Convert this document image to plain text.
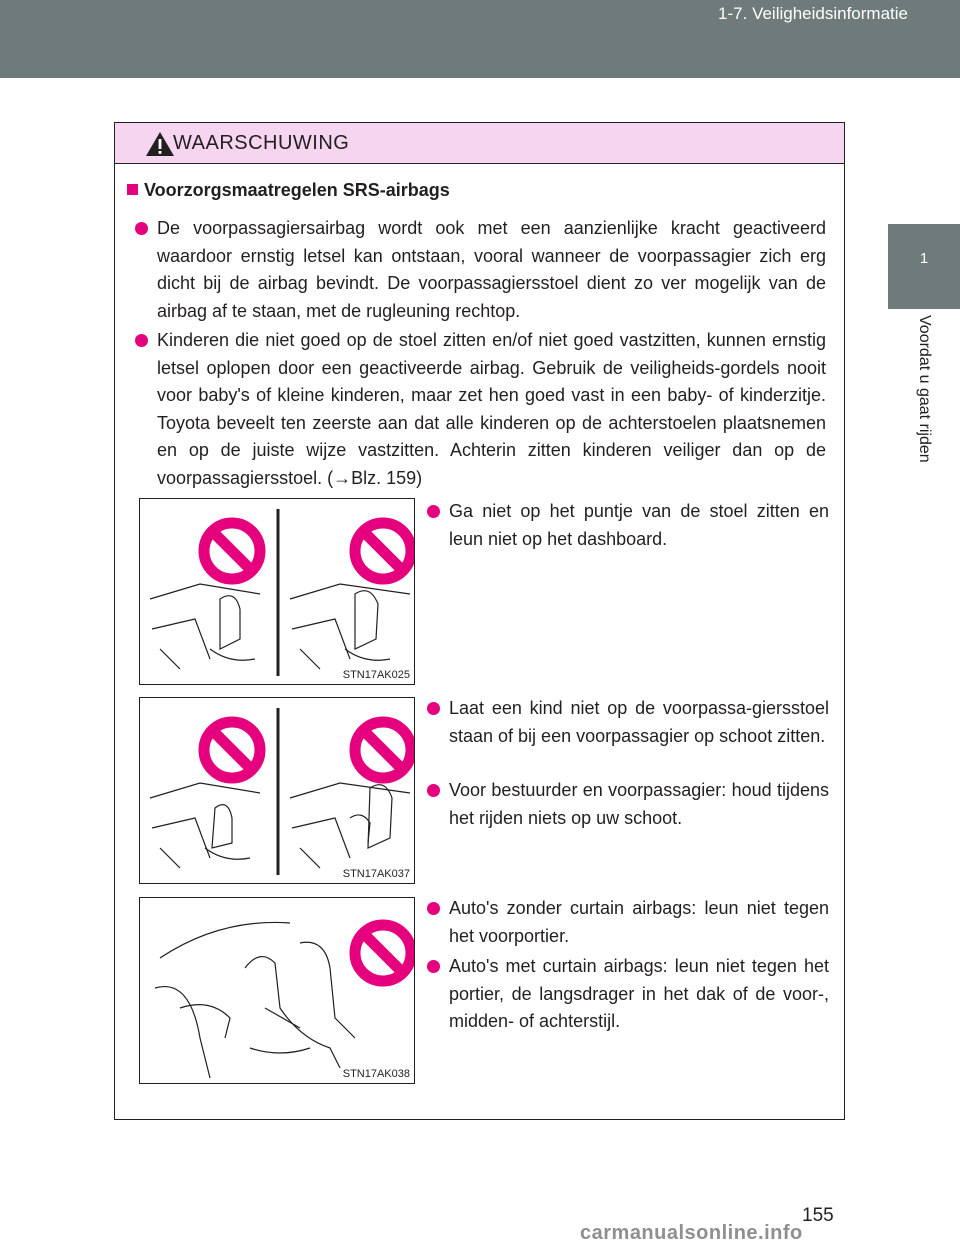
1-7. Veiligheidsinformatie
1
Voordat u gaat rijden
WAARSCHUWING
Voorzorgsmaatregelen SRS-airbags
De voorpassagiersairbag wordt ook met een aanzienlijke kracht geactiveerd waardoor ernstig letsel kan ontstaan, vooral wanneer de voorpassagier zich erg dicht bij de airbag bevindt. De voorpassagiersstoel dient zo ver mogelijk van de airbag af te staan, met de rugleuning rechtop.
Kinderen die niet goed op de stoel zitten en/of niet goed vastzitten, kunnen ernstig letsel oplopen door een geactiveerde airbag. Gebruik de veiligheids-gordels nooit voor baby's of kleine kinderen, maar zet hen goed vast in een baby- of kinderzitje. Toyota beveelt ten zeerste aan dat alle kinderen op de achterstoelen plaatsnemen en op de juiste wijze vastzitten. Achterin zitten kinderen veiliger dan op de voorpassagiersstoel. (→Blz. 159)
STN17AK025
Ga niet op het puntje van de stoel zitten en leun niet op het dashboard.
STN17AK037
Laat een kind niet op de voorpassa-giersstoel staan of bij een voorpassagier op schoot zitten.
Voor bestuurder en voorpassagier: houd tijdens het rijden niets op uw schoot.
STN17AK038
Auto's zonder curtain airbags: leun niet tegen het voorportier.
Auto's met curtain airbags: leun niet tegen het portier, de langsdrager in het dak of de voor-, midden- of achterstijl.
155
carmanualsonline.info
